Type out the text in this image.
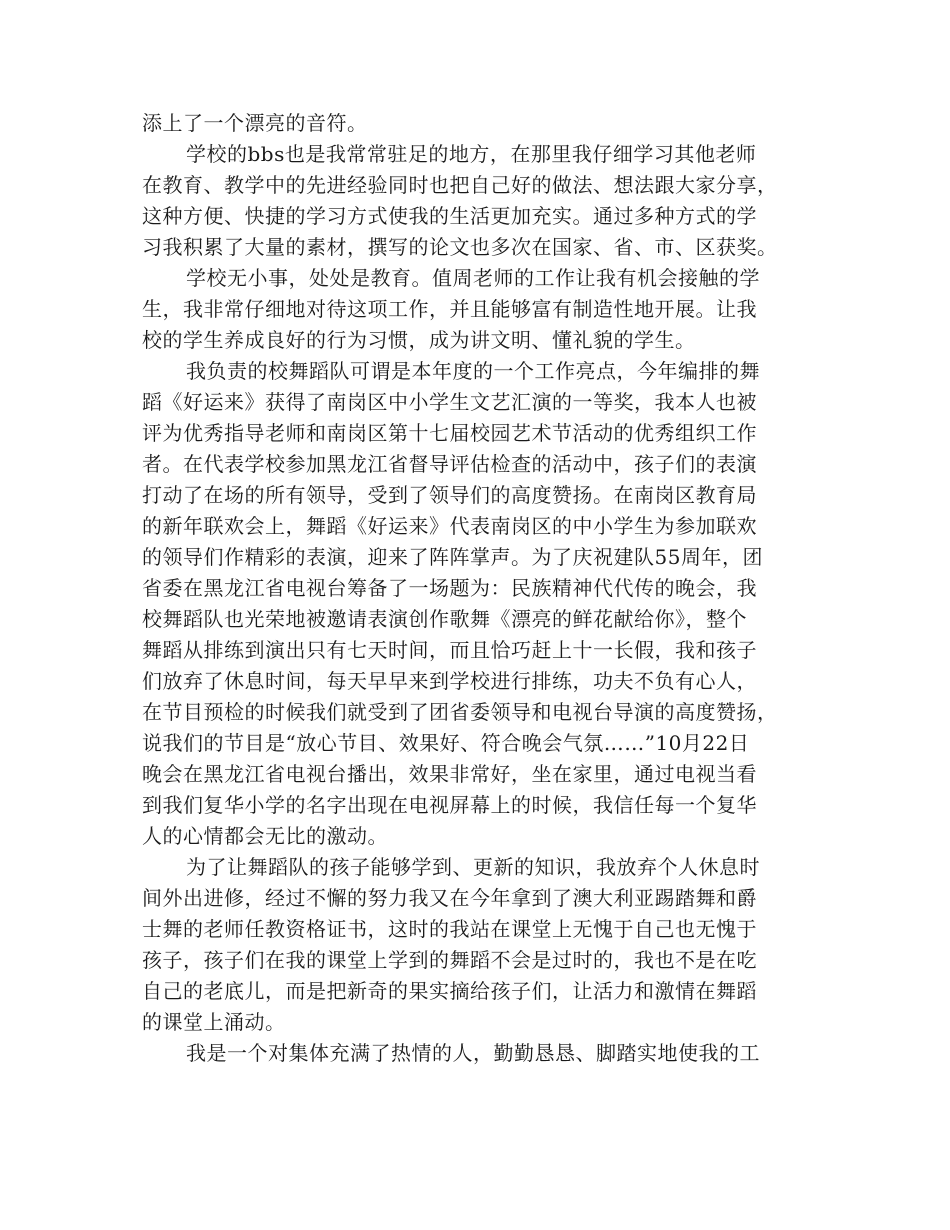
添上了一个漂亮的音符。
学校的bbs也是我常常驻足的地方，在那里我仔细学习其他老师
在教育、教学中的先进经验同时也把自己好的做法、想法跟大家分享，
这种方便、快捷的学习方式使我的生活更加充实。通过多种方式的学
习我积累了大量的素材，撰写的论文也多次在国家、省、市、区获奖。
学校无小事，处处是教育。值周老师的工作让我有机会接触的学
生，我非常仔细地对待这项工作，并且能够富有制造性地开展。让我
校的学生养成良好的行为习惯，成为讲文明、懂礼貌的学生。
我负责的校舞蹈队可谓是本年度的一个工作亮点，今年编排的舞
蹈《好运来》获得了南岗区中小学生文艺汇演的一等奖，我本人也被
评为优秀指导老师和南岗区第十七届校园艺术节活动的优秀组织工作
者。在代表学校参加黑龙江省督导评估检查的活动中，孩子们的表演
打动了在场的所有领导，受到了领导们的高度赞扬。在南岗区教育局
的新年联欢会上，舞蹈《好运来》代表南岗区的中小学生为参加联欢
的领导们作精彩的表演，迎来了阵阵掌声。为了庆祝建队55周年，团
省委在黑龙江省电视台筹备了一场题为：民族精神代代传的晚会，我
校舞蹈队也光荣地被邀请表演创作歌舞《漂亮的鲜花献给你》，整个
舞蹈从排练到演出只有七天时间，而且恰巧赶上十一长假，我和孩子
们放弃了休息时间，每天早早来到学校进行排练，功夫不负有心人，
在节目预检的时候我们就受到了团省委领导和电视台导演的高度赞扬，
说我们的节目是“放心节目、效果好、符合晚会气氛……”10月22日
晚会在黑龙江省电视台播出，效果非常好，坐在家里，通过电视当看
到我们复华小学的名字出现在电视屏幕上的时候，我信任每一个复华
人的心情都会无比的激动。
为了让舞蹈队的孩子能够学到、更新的知识，我放弃个人休息时
间外出进修，经过不懈的努力我又在今年拿到了澳大利亚踢踏舞和爵
士舞的老师任教资格证书，这时的我站在课堂上无愧于自己也无愧于
孩子，孩子们在我的课堂上学到的舞蹈不会是过时的，我也不是在吃
自己的老底儿，而是把新奇的果实摘给孩子们，让活力和激情在舞蹈
的课堂上涌动。
我是一个对集体充满了热情的人，勤勤恳恳、脚踏实地使我的工
